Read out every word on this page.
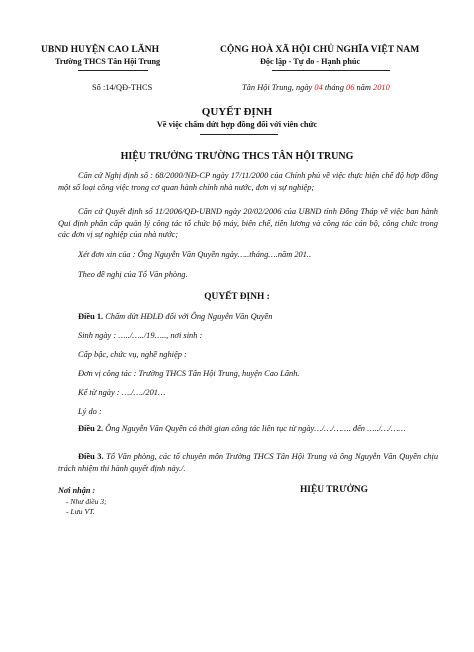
UBND HUYỆN CAO LÃNH
Trường THCS Tân Hội Trung
CỘNG HOÀ XÃ HỘI CHỦ NGHĨA VIỆT NAM
Độc lập - Tự do - Hạnh phúc
Số :14/QĐ-THCS	Tân Hội Trung, ngày 04 tháng 06 năm 2010
QUYẾT ĐỊNH
Về việc chấm dứt hợp đồng đối với viên chức
HIỆU TRƯỞNG TRƯỜNG THCS TÂN HỘI TRUNG
Căn cứ Nghị định số : 68/2000/NĐ-CP ngày 17/11/2000 của Chính phủ về việc thực hiện chế độ hợp đồng một số loại công việc trong cơ quan hành chính nhà nước, đơn vị sự nghiệp;
Căn cứ Quyết định số 11/2006/QĐ-UBND ngày 20/02/2006 của UBND tỉnh Đồng Tháp về việc ban hành Qui định phân cấp quản lý công tác tổ chức bộ máy, biên chế, tiền lương và công tác cán bộ, công chức trong các đơn vị sự nghiệp của nhà nước;
Xét đơn xin của : Ông Nguyễn Văn Quyền ngày…..tháng….năm 201..
Theo đề nghị của Tổ Văn phòng.
QUYẾT ĐỊNH :
Điều 1. Chấm dứt HĐLĐ đối với Ông Nguyễn Văn Quyền
Sinh ngày : …../…../19….., nơi sinh :
Cấp bậc, chức vụ, nghề nghiệp :
Đơn vị công tác : Trường THCS Tân Hội Trung, huyện Cao Lãnh.
Kể từ ngày : …./…./201…
Lý do :
Điều 2. Ông Nguyễn Văn Quyền có thời gian công tác liên tục từ ngày…/…/……. đến …../…/……
Điều 3. Tổ Văn phòng, các tổ chuyên môn Trường THCS Tân Hội Trung và ông Nguyễn Văn Quyền chịu trách nhiệm thi hành quyết định này./.
Nơi nhận :
- Như điều 3;
- Lưu VT.
HIỆU TRƯỞNG
